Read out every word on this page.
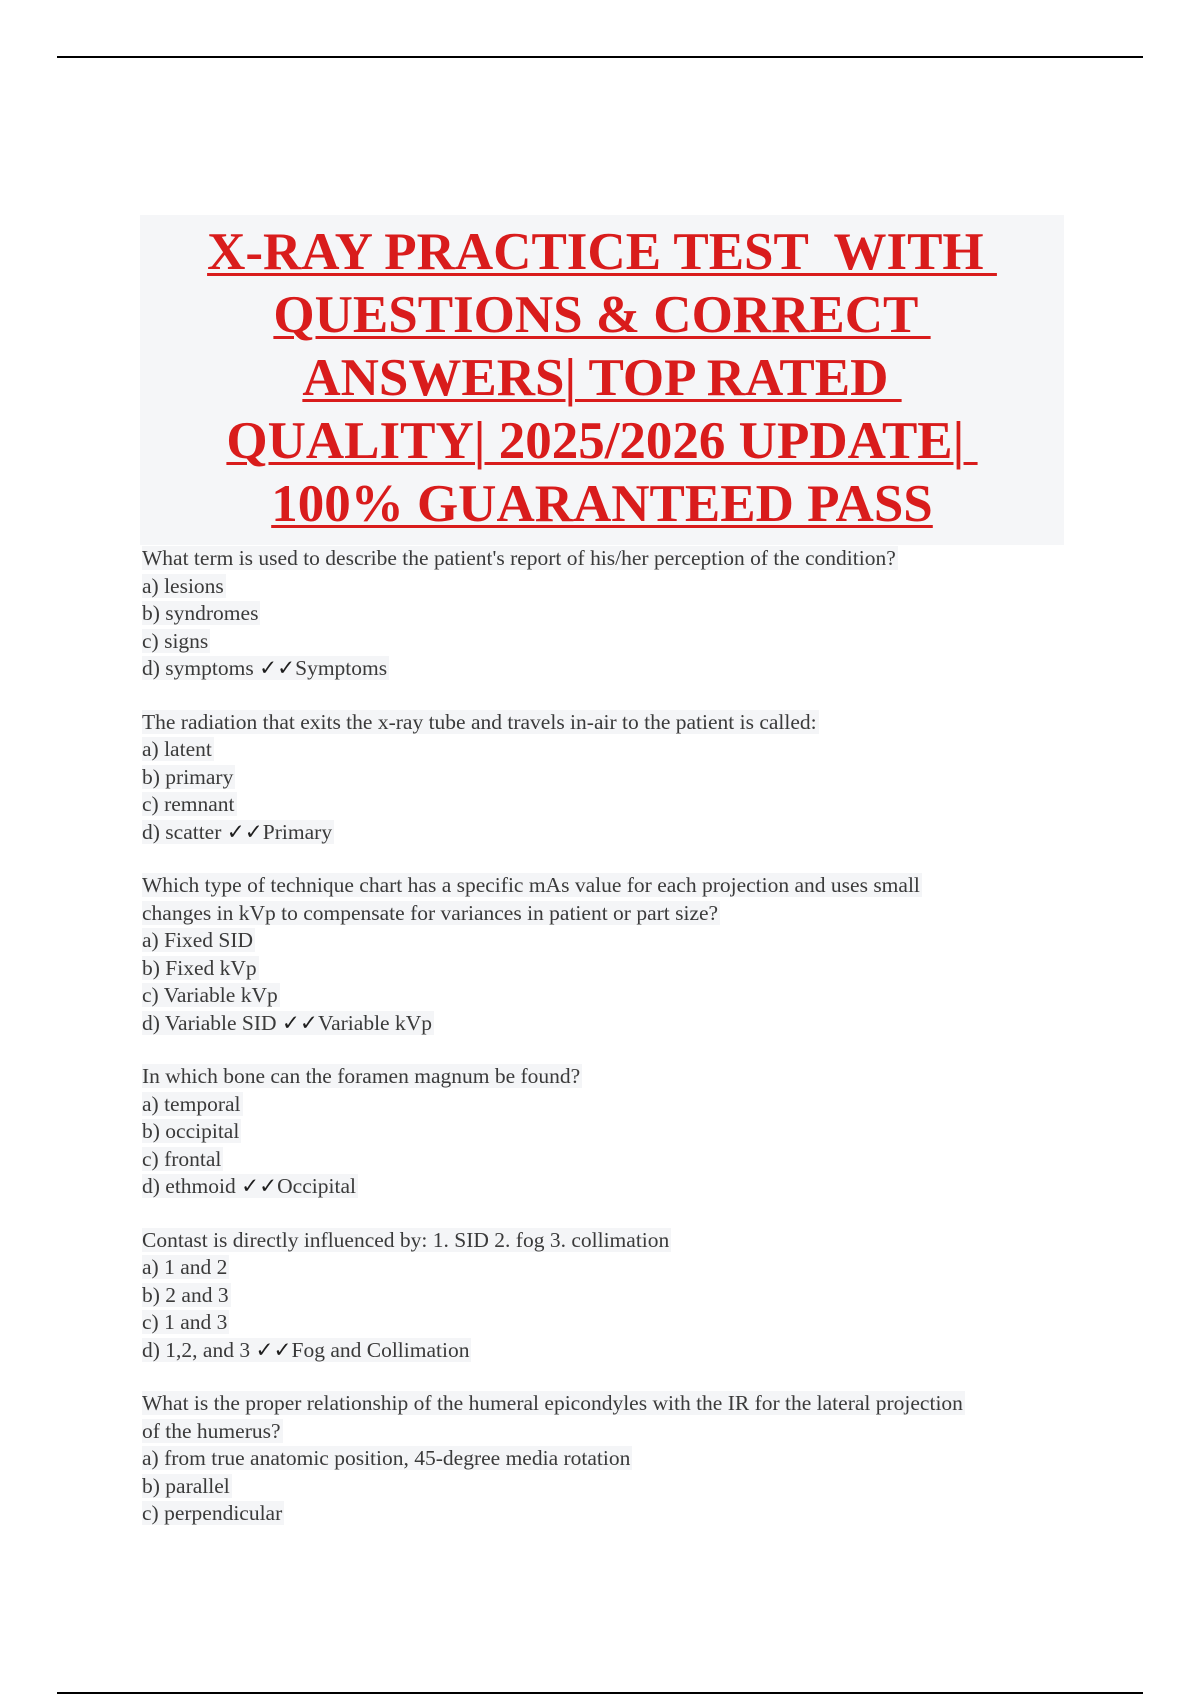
X-RAY PRACTICE TEST  WITH
QUESTIONS & CORRECT
ANSWERS| TOP RATED
QUALITY| 2025/2026 UPDATE|
100% GUARANTEED PASS
What term is used to describe the patient's report of his/her perception of the condition?
a) lesions
b) syndromes
c) signs
d) symptoms ✓✓Symptoms
The radiation that exits the x-ray tube and travels in-air to the patient is called:
a) latent
b) primary
c) remnant
d) scatter ✓✓Primary
Which type of technique chart has a specific mAs value for each projection and uses small
changes in kVp to compensate for variances in patient or part size?
a) Fixed SID
b) Fixed kVp
c) Variable kVp
d) Variable SID ✓✓Variable kVp
In which bone can the foramen magnum be found?
a) temporal
b) occipital
c) frontal
d) ethmoid ✓✓Occipital
Contast is directly influenced by: 1. SID 2. fog 3. collimation
a) 1 and 2
b) 2 and 3
c) 1 and 3
d) 1,2, and 3 ✓✓Fog and Collimation
What is the proper relationship of the humeral epicondyles with the IR for the lateral projection
of the humerus?
a) from true anatomic position, 45-degree media rotation
b) parallel
c) perpendicular
